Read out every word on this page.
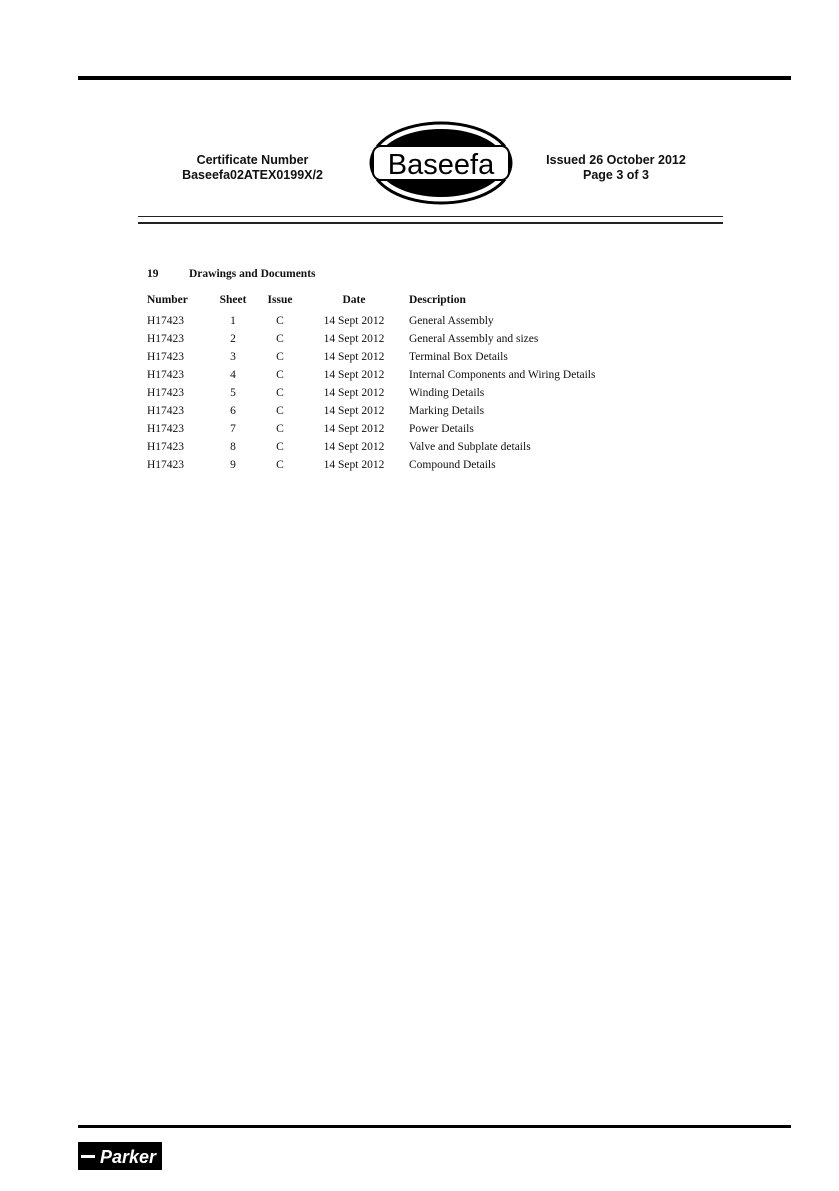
Certificate Number
Baseefa02ATEX0199X/2	Baseefa	Issued 26 October 2012
Page 3 of 3
19	Drawings and Documents
Number	Sheet	Issue	Date	Description
H17423	1	C	14 Sept 2012	General Assembly
H17423	2	C	14 Sept 2012	General Assembly and sizes
H17423	3	C	14 Sept 2012	Terminal Box Details
H17423	4	C	14 Sept 2012	Internal Components and Wiring Details
H17423	5	C	14 Sept 2012	Winding Details
H17423	6	C	14 Sept 2012	Marking Details
H17423	7	C	14 Sept 2012	Power Details
H17423	8	C	14 Sept 2012	Valve and Subplate details
H17423	9	C	14 Sept 2012	Compound Details
Parker
